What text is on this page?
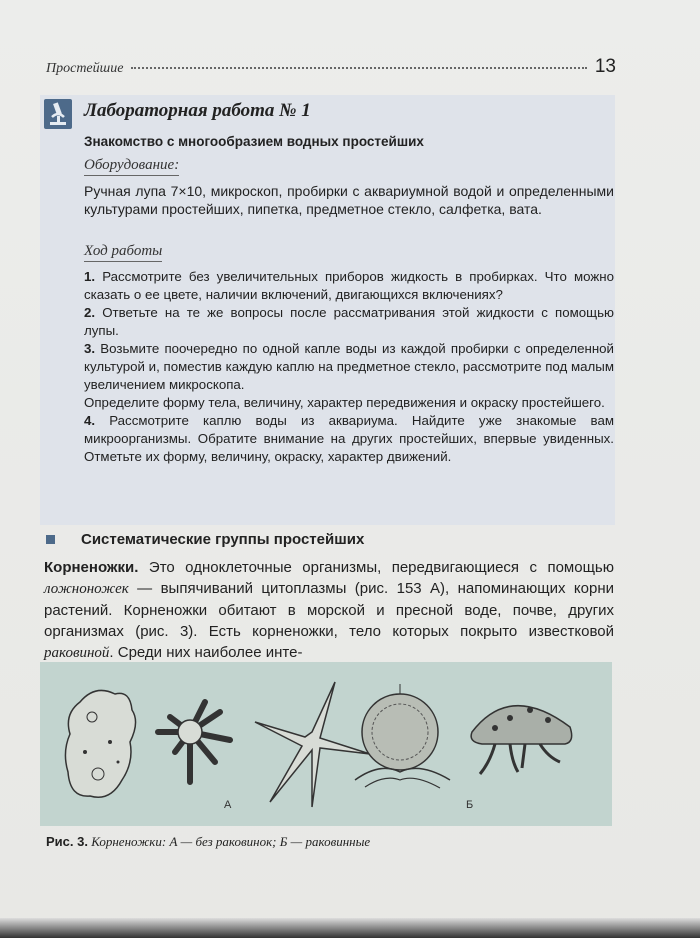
Простейшие	13
Лабораторная работа № 1
Знакомство с многообразием водных простейших
Оборудование:
Ручная лупа 7×10, микроскоп, пробирки с аквариумной водой и определенными культурами простейших, пипетка, предметное стекло, салфетка, вата.
Ход работы

1. Рассмотрите без увеличительных приборов жидкость в пробирках. Что можно сказать о ее цвете, наличии включений, двигающихся включениях?

2. Ответьте на те же вопросы после рассматривания этой жидкости с помощью лупы.

3. Возьмите поочередно по одной капле воды из каждой пробирки с определенной культурой и, поместив каждую каплю на предметное стекло, рассмотрите под малым увеличением микроскопа.

Определите форму тела, величину, характер передвижения и окраску простейшего.

4. Рассмотрите каплю воды из аквариума. Найдите уже знакомые вам микроорганизмы. Обратите внимание на других простейших, впервые увиденных. Отметьте их форму, величину, окраску, характер движений.

Систематические группы простейших
Корненожки. Это одноклеточные организмы, передвигающиеся с помощью ложноножек — выпячиваний цитоплазмы (рис. 153 А), напоминающих корни растений. Корненожки обитают в морской и пресной воде, почве, других организмах (рис. 3). Есть корненожки, тело которых покрыто известковой раковиной. Среди них наиболее инте-
А	Б
Рис. 3. Корненожки: А — без раковинок; Б — раковинные
